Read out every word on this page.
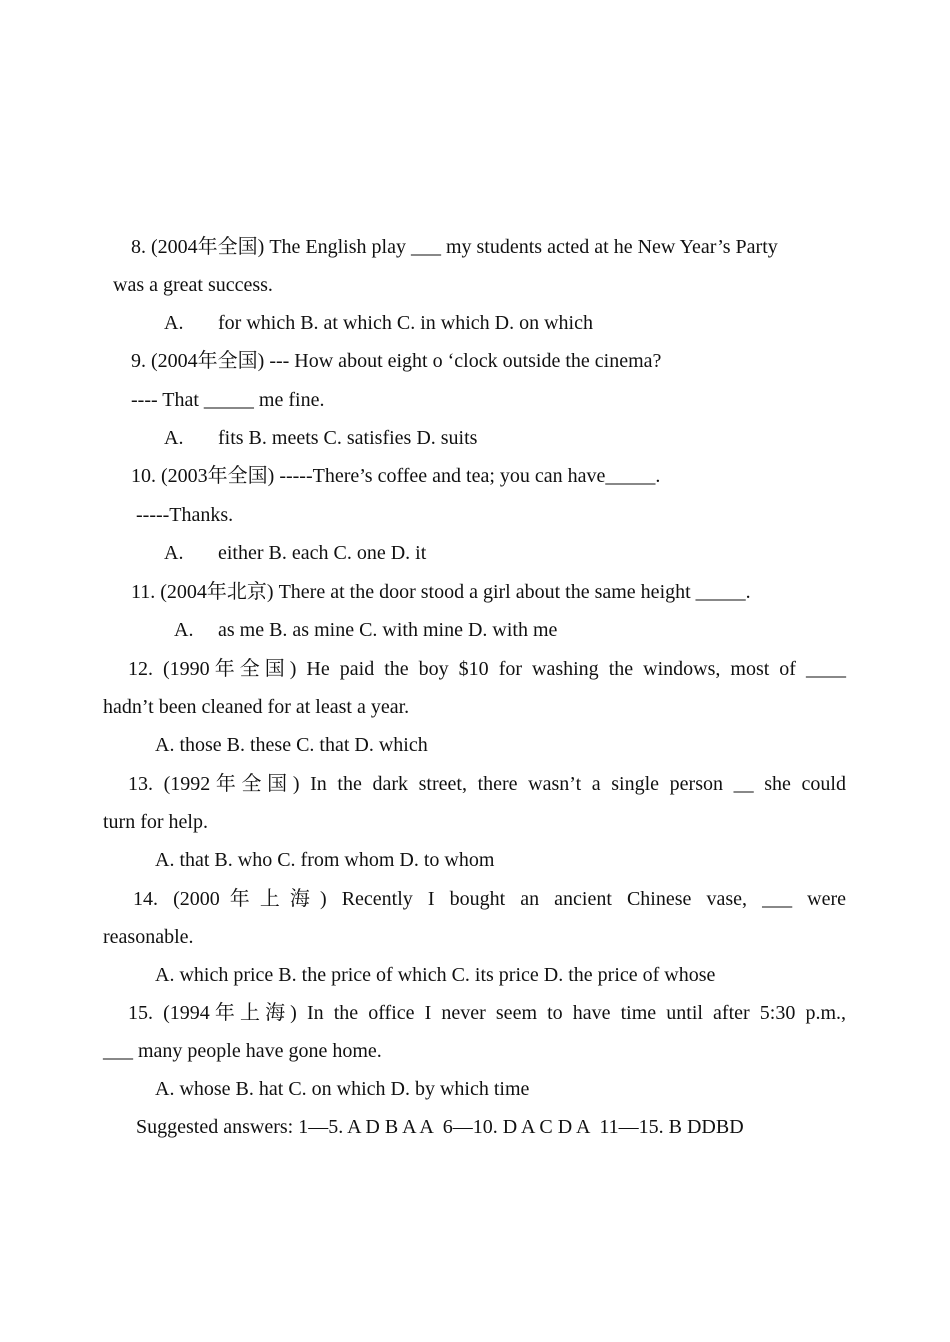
8. (2004年全国) The English play ___ my students acted at he New Year’s Party
was a great success.
A. for which B. at which C. in which D. on which
9. (2004年全国) --- How about eight o ‘clock outside the cinema?
---- That _____ me fine.
A. fits B. meets C. satisfies D. suits
10. (2003年全国) -----There’s coffee and tea; you can have_____.
-----Thanks.
A. either B. each C. one D. it
11. (2004年北京) There at the door stood a girl about the same height _____.
A. as me B. as mine C. with mine D. with me
12. (1990年全国) He paid the boy $10 for washing the windows, most of ____
hadn’t been cleaned for at least a year.
A. those B. these C. that D. which
13. (1992年全国) In the dark street, there wasn’t a single person __ she could
turn for help.
A. that B. who C. from whom D. to whom
14. (2000年上海) Recently I bought an ancient Chinese vase, ___ were
reasonable.
A. which price B. the price of which C. its price D. the price of whose
15. (1994年上海) In the office I never seem to have time until after 5:30 p.m.,
___ many people have gone home.
A. whose B. hat C. on which D. by which time
Suggested answers: 1—5. A D B A A  6—10. D A C D A  11—15. B DDBD
